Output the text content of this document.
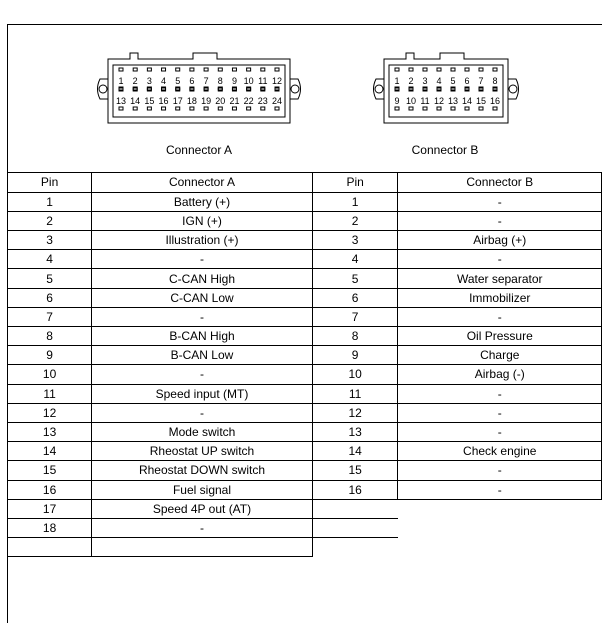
1 2 3 4 5 6 7 8 9 10 11 12
13 14 15 16 17 18 19 20 21 22 23 24
Connector A
1 2 3 4 5 6 7 8
9 10 11 12 13 14 15 16
Connector B
Pin	Connector A	Pin	Connector B
1	Battery (+)	1	-
2	IGN (+)	2	-
3	Illustration (+)	3	Airbag (+)
4	-	4	-
5	C-CAN High	5	Water separator
6	C-CAN Low	6	Immobilizer
7	-	7	-
8	B-CAN High	8	Oil Pressure
9	B-CAN Low	9	Charge
10	-	10	Airbag (-)
11	Speed input (MT)	11	-
12	-	12	-
13	Mode switch	13	-
14	Rheostat UP switch	14	Check engine
15	Rheostat DOWN switch	15	-
16	Fuel signal	16	-
17	Speed 4P out (AT)		
18	-		
